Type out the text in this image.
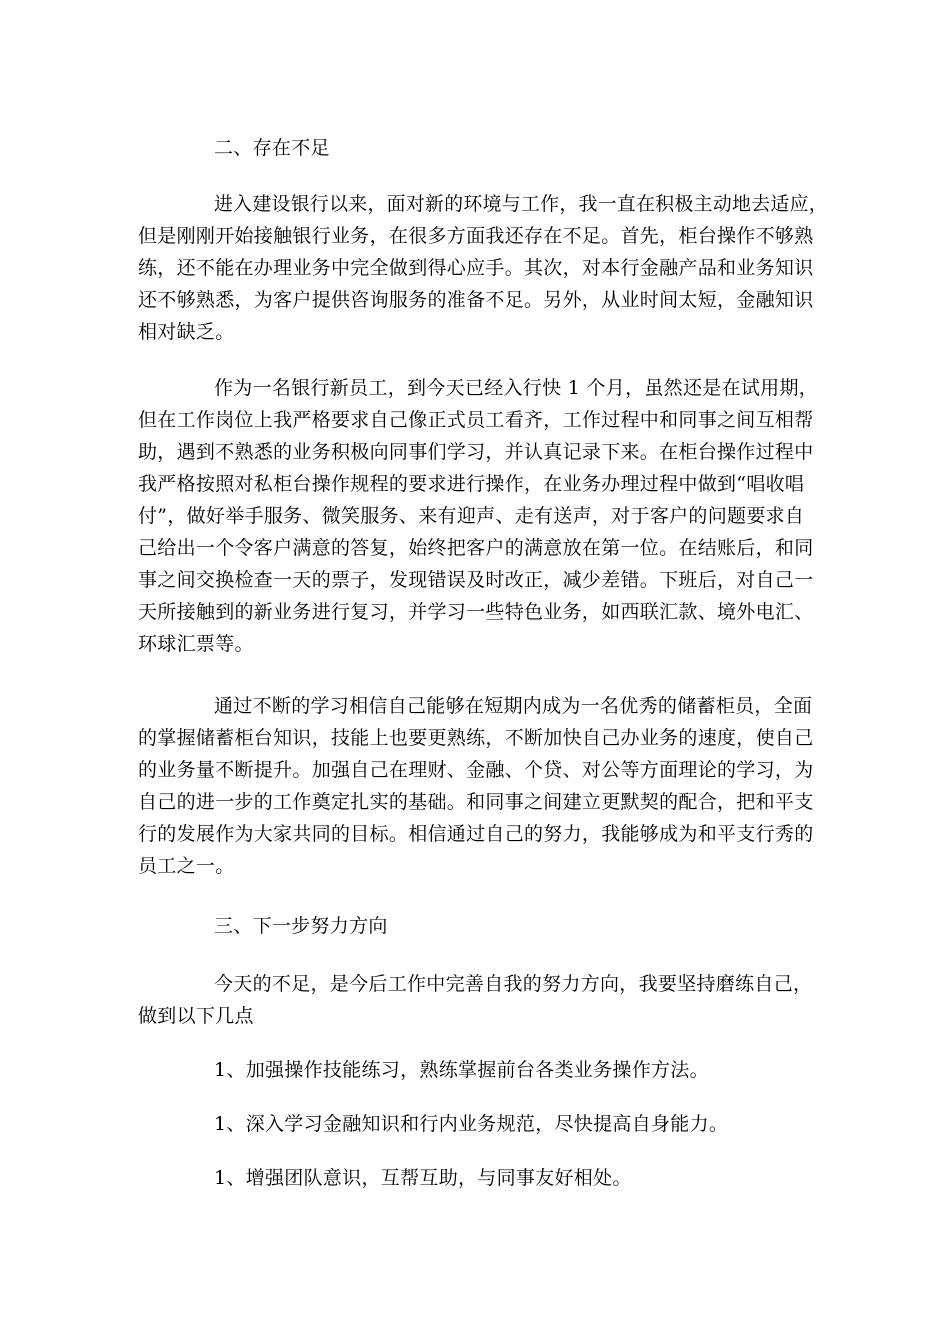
二、存在不足
进入建设银行以来，面对新的环境与工作，我一直在积极主动地去适应，
但是刚刚开始接触银行业务，在很多方面我还存在不足。首先，柜台操作不够熟
练，还不能在办理业务中完全做到得心应手。其次，对本行金融产品和业务知识
还不够熟悉，为客户提供咨询服务的准备不足。另外，从业时间太短，金融知识
相对缺乏。
作为一名银行新员工，到今天已经入行快 1 个月，虽然还是在试用期，
但在工作岗位上我严格要求自己像正式员工看齐，工作过程中和同事之间互相帮
助，遇到不熟悉的业务积极向同事们学习，并认真记录下来。在柜台操作过程中
我严格按照对私柜台操作规程的要求进行操作，在业务办理过程中做到“唱收唱
付”，做好举手服务、微笑服务、来有迎声、走有送声，对于客户的问题要求自
己给出一个令客户满意的答复，始终把客户的满意放在第一位。在结账后，和同
事之间交换检查一天的票子，发现错误及时改正，减少差错。下班后，对自己一
天所接触到的新业务进行复习，并学习一些特色业务，如西联汇款、境外电汇、
环球汇票等。
通过不断的学习相信自己能够在短期内成为一名优秀的储蓄柜员，全面
的掌握储蓄柜台知识，技能上也要更熟练，不断加快自己办业务的速度，使自己
的业务量不断提升。加强自己在理财、金融、个贷、对公等方面理论的学习，为
自己的进一步的工作奠定扎实的基础。和同事之间建立更默契的配合，把和平支
行的发展作为大家共同的目标。相信通过自己的努力，我能够成为和平支行秀的
员工之一。
三、下一步努力方向
今天的不足，是今后工作中完善自我的努力方向，我要坚持磨练自己，
做到以下几点
1、加强操作技能练习，熟练掌握前台各类业务操作方法。
1、深入学习金融知识和行内业务规范，尽快提高自身能力。
1、增强团队意识，互帮互助，与同事友好相处。
